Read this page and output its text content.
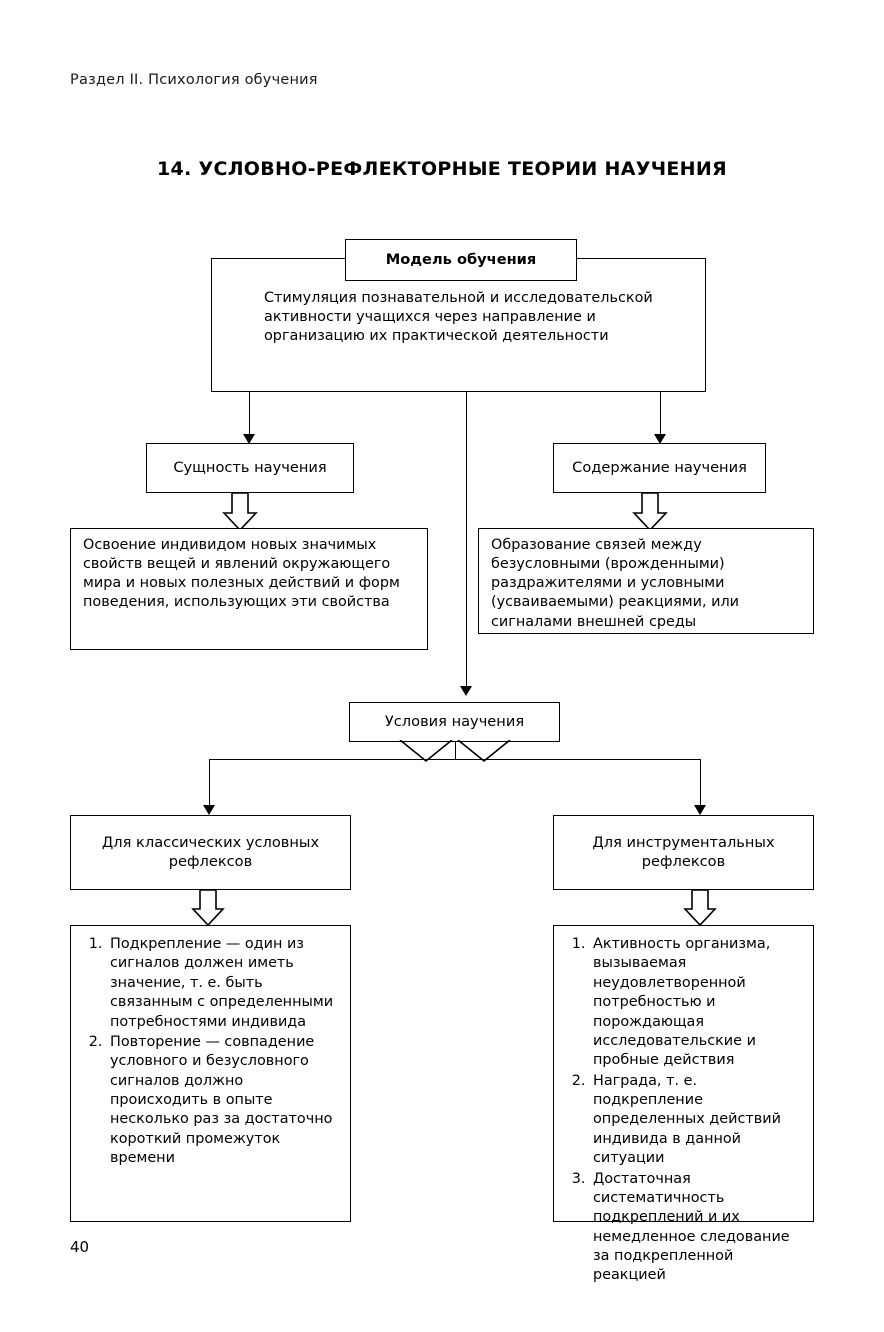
Раздел II. Психология обучения
14. УСЛОВНО-РЕФЛЕКТОРНЫЕ ТЕОРИИ НАУЧЕНИЯ
Стимуляция познавательной и исследовательской активности учащихся через направление и организацию их практической деятельности
Модель обучения
Сущность научения
Освоение индивидом новых значимых свойств вещей и явлений окружающего мира и новых полезных действий и форм поведения, использующих эти свойства
Содержание научения
Образование связей между безусловными (врожденными) раздражителями и условными (усваиваемыми) реакциями, или сигналами внешней среды
Условия научения
Для классических условных рефлексов
1. Подкрепление — один из сигналов должен иметь значение, т. е. быть связанным с определенными потребностями индивида
2. Повторение — совпадение условного и безусловного сигналов должно происходить в опыте несколько раз за достаточно короткий промежуток времени
Для инструментальных рефлексов
1. Активность организма, вызываемая неудовлетворенной потребностью и порождающая исследовательские и пробные действия
2. Награда, т. е. подкрепление определенных действий индивида в данной ситуации
3. Достаточная систематичность подкреплений и их немедленное следование за подкрепленной реакцией
40
